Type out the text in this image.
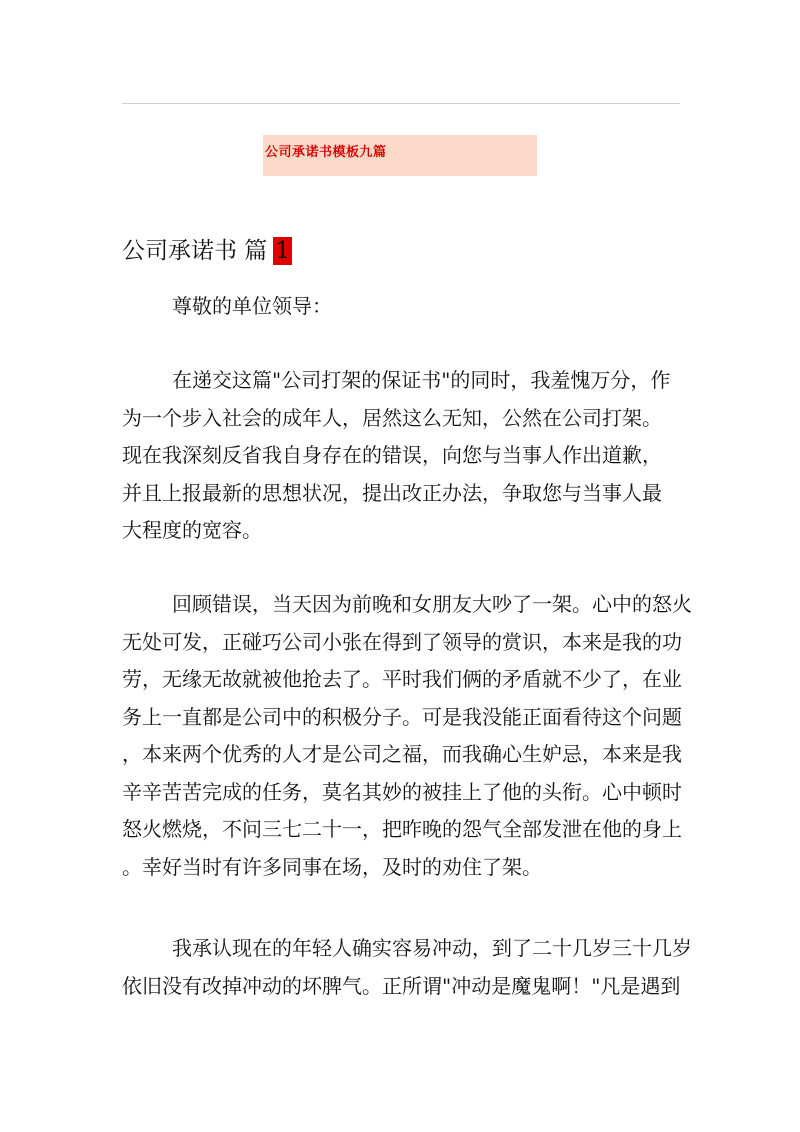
公司承诺书模板九篇
公司承诺书 篇 1

尊敬的单位领导：

在递交这篇"公司打架的保证书"的同时，我羞愧万分，作
为一个步入社会的成年人，居然这么无知，公然在公司打架。
现在我深刻反省我自身存在的错误，向您与当事人作出道歉，
并且上报最新的思想状况，提出改正办法，争取您与当事人最
大程度的宽容。

回顾错误，当天因为前晚和女朋友大吵了一架。心中的怒火
无处可发，正碰巧公司小张在得到了领导的赏识，本来是我的功
劳，无缘无故就被他抢去了。平时我们俩的矛盾就不少了，在业
务上一直都是公司中的积极分子。可是我没能正面看待这个问题
，本来两个优秀的人才是公司之福，而我确心生妒忌，本来是我
辛辛苦苦完成的任务，莫名其妙的被挂上了他的头衔。心中顿时
怒火燃烧，不问三七二十一，把昨晚的怨气全部发泄在他的身上
。幸好当时有许多同事在场，及时的劝住了架。

我承认现在的年轻人确实容易冲动，到了二十几岁三十几岁
依旧没有改掉冲动的坏脾气。正所谓"冲动是魔鬼啊！"凡是遇到
